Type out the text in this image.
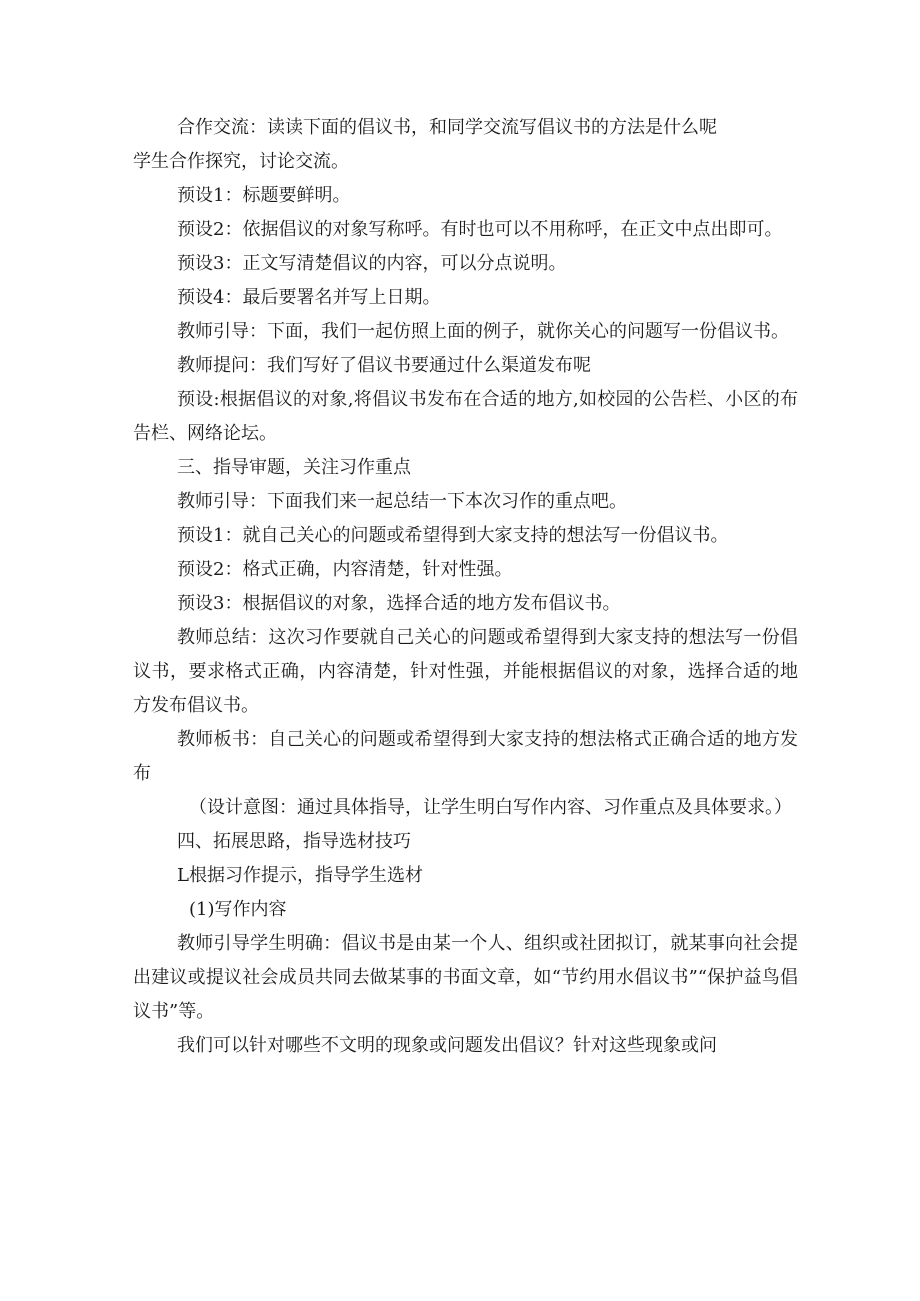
合作交流：读读下面的倡议书，和同学交流写倡议书的方法是什么呢

学生合作探究，讨论交流。

预设1：标题要鲜明。

预设2：依据倡议的对象写称呼。有时也可以不用称呼，在正文中点出即可。

预设3：正文写清楚倡议的内容，可以分点说明。

预设4：最后要署名并写上日期。

教师引导：下面，我们一起仿照上面的例子，就你关心的问题写一份倡议书。

教师提问：我们写好了倡议书要通过什么渠道发布呢

预设:根据倡议的对象,将倡议书发布在合适的地方,如校园的公告栏、小区的布告栏、网络论坛。

三、指导审题，关注习作重点

教师引导：下面我们来一起总结一下本次习作的重点吧。

预设1：就自己关心的问题或希望得到大家支持的想法写一份倡议书。

预设2：格式正确，内容清楚，针对性强。

预设3：根据倡议的对象，选择合适的地方发布倡议书。

教师总结：这次习作要就自己关心的问题或希望得到大家支持的想法写一份倡议书，要求格式正确，内容清楚，针对性强，并能根据倡议的对象，选择合适的地方发布倡议书。

教师板书：自己关心的问题或希望得到大家支持的想法格式正确合适的地方发布

（设计意图：通过具体指导，让学生明白写作内容、习作重点及具体要求。）

四、拓展思路，指导选材技巧

L根据习作提示，指导学生选材

(1)写作内容

教师引导学生明确：倡议书是由某一个人、组织或社团拟订，就某事向社会提出建议或提议社会成员共同去做某事的书面文章，如“节约用水倡议书”“保护益鸟倡议书”等。

我们可以针对哪些不文明的现象或问题发出倡议？针对这些现象或问
